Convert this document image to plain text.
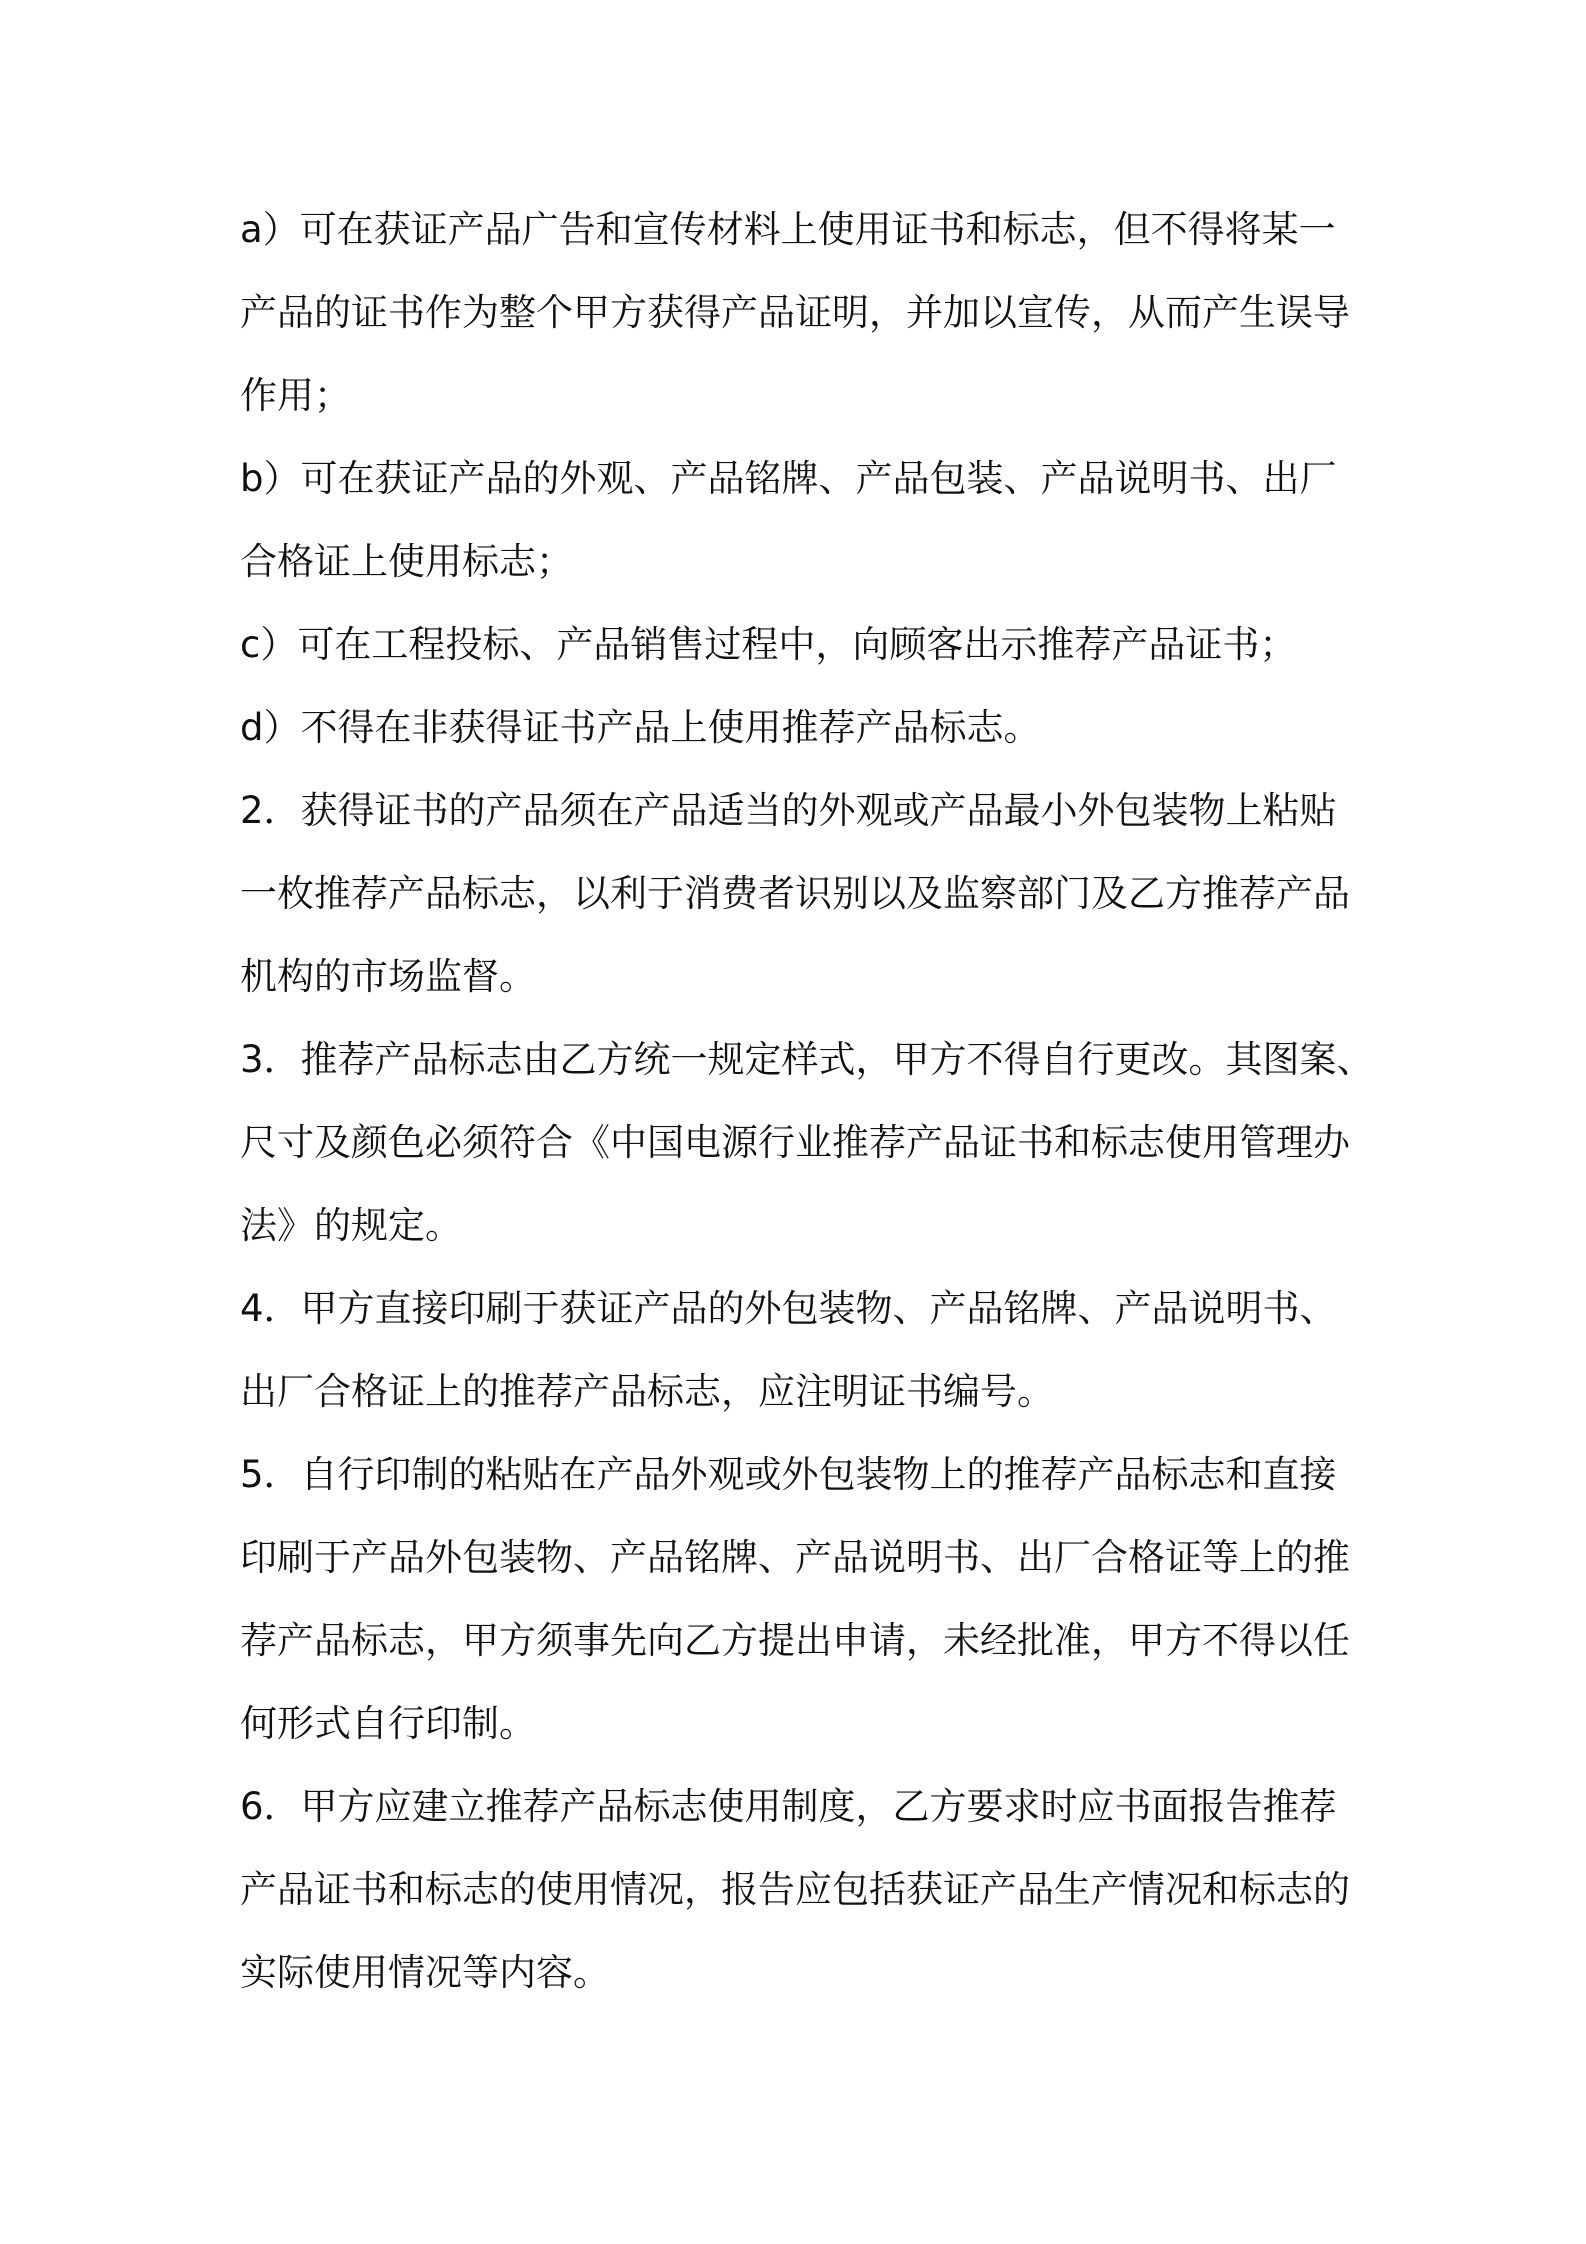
a）可在获证产品广告和宣传材料上使用证书和标志，但不得将某一
产品的证书作为整个甲方获得产品证明，并加以宣传，从而产生误导
作用；
b）可在获证产品的外观、产品铭牌、产品包装、产品说明书、出厂
合格证上使用标志；
c）可在工程投标、产品销售过程中，向顾客出示推荐产品证书；
d）不得在非获得证书产品上使用推荐产品标志。
2．获得证书的产品须在产品适当的外观或产品最小外包装物上粘贴
一枚推荐产品标志，以利于消费者识别以及监察部门及乙方推荐产品
机构的市场监督。
3．推荐产品标志由乙方统一规定样式，甲方不得自行更改。其图案、
尺寸及颜色必须符合《中国电源行业推荐产品证书和标志使用管理办
法》的规定。
4．甲方直接印刷于获证产品的外包装物、产品铭牌、产品说明书、
出厂合格证上的推荐产品标志，应注明证书编号。
5．自行印制的粘贴在产品外观或外包装物上的推荐产品标志和直接
印刷于产品外包装物、产品铭牌、产品说明书、出厂合格证等上的推
荐产品标志，甲方须事先向乙方提出申请，未经批准，甲方不得以任
何形式自行印制。
6．甲方应建立推荐产品标志使用制度，乙方要求时应书面报告推荐
产品证书和标志的使用情况，报告应包括获证产品生产情况和标志的
实际使用情况等内容。
